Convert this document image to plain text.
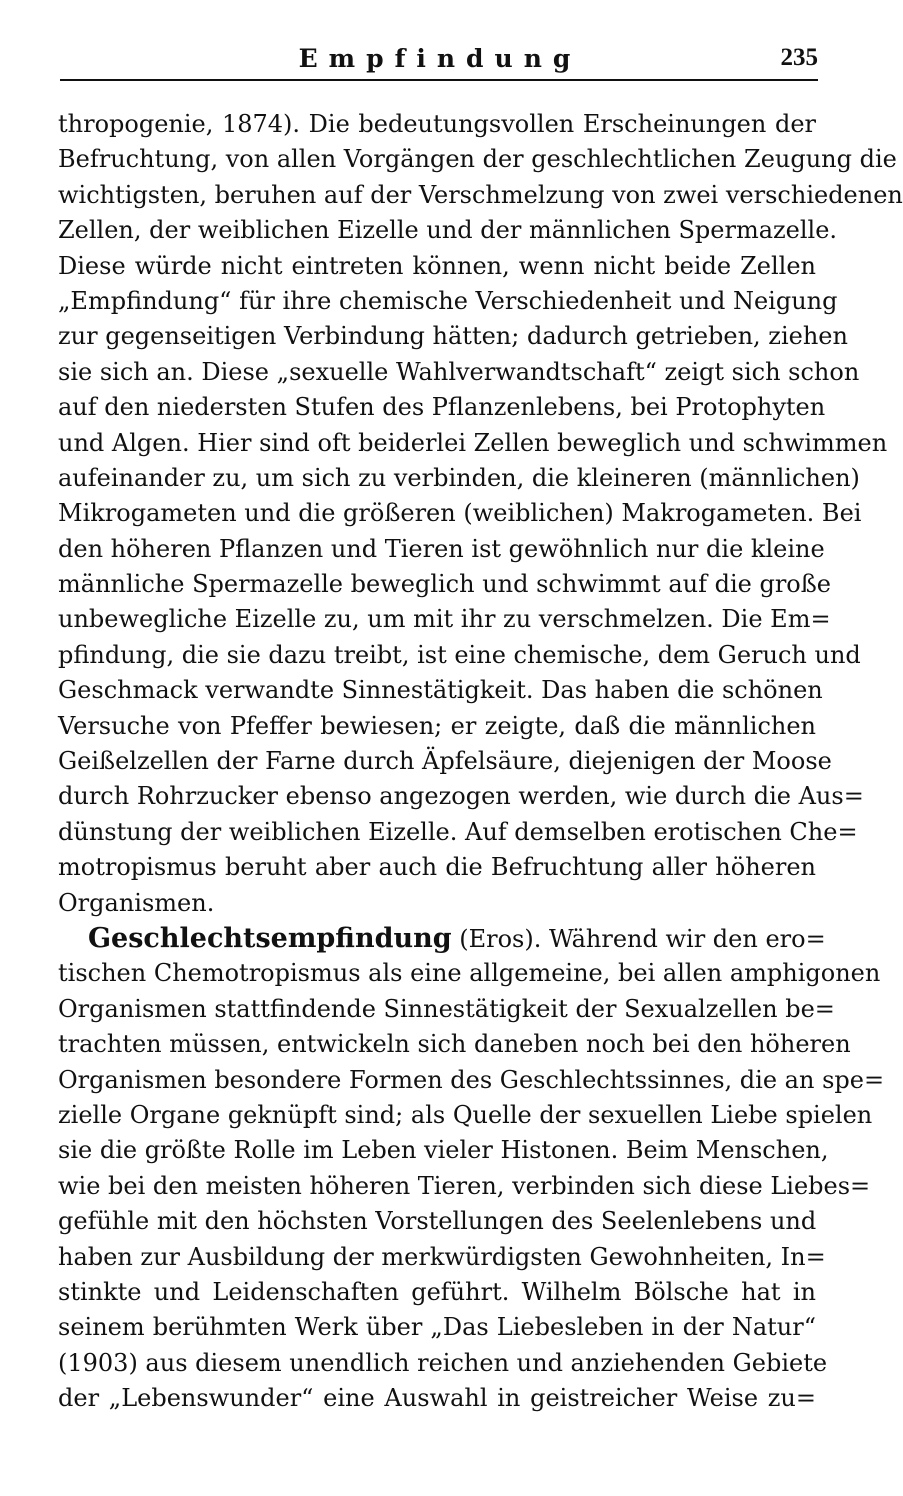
Empfindung	235
thropogenie, 1874). Die bedeutungsvollen Erscheinungen der
Befruchtung, von allen Vorgängen der geschlechtlichen Zeugung die
wichtigsten, beruhen auf der Verschmelzung von zwei verschiedenen
Zellen, der weiblichen Eizelle und der männlichen Spermazelle.
Diese würde nicht eintreten können, wenn nicht beide Zellen
„Empfindung“ für ihre chemische Verschiedenheit und Neigung
zur gegenseitigen Verbindung hätten; dadurch getrieben, ziehen
sie sich an. Diese „sexuelle Wahlverwandtschaft“ zeigt sich schon
auf den niedersten Stufen des Pflanzenlebens, bei Protophyten
und Algen. Hier sind oft beiderlei Zellen beweglich und schwimmen
aufeinander zu, um sich zu verbinden, die kleineren (männlichen)
Mikrogameten und die größeren (weiblichen) Makrogameten. Bei
den höheren Pflanzen und Tieren ist gewöhnlich nur die kleine
männliche Spermazelle beweglich und schwimmt auf die große
unbewegliche Eizelle zu, um mit ihr zu verschmelzen. Die Em=
pfindung, die sie dazu treibt, ist eine chemische, dem Geruch und
Geschmack verwandte Sinnestätigkeit. Das haben die schönen
Versuche von Pfeffer bewiesen; er zeigte, daß die männlichen
Geißelzellen der Farne durch Äpfelsäure, diejenigen der Moose
durch Rohrzucker ebenso angezogen werden, wie durch die Aus=
dünstung der weiblichen Eizelle. Auf demselben erotischen Che=
motropismus beruht aber auch die Befruchtung aller höheren
Organismen.
Geschlechtsempfindung (Eros). Während wir den ero=
tischen Chemotropismus als eine allgemeine, bei allen amphigonen
Organismen stattfindende Sinnestätigkeit der Sexualzellen be=
trachten müssen, entwickeln sich daneben noch bei den höheren
Organismen besondere Formen des Geschlechtssinnes, die an spe=
zielle Organe geknüpft sind; als Quelle der sexuellen Liebe spielen
sie die größte Rolle im Leben vieler Histonen. Beim Menschen,
wie bei den meisten höheren Tieren, verbinden sich diese Liebes=
gefühle mit den höchsten Vorstellungen des Seelenlebens und
haben zur Ausbildung der merkwürdigsten Gewohnheiten, In=
stinkte und Leidenschaften geführt. Wilhelm Bölsche hat in
seinem berühmten Werk über „Das Liebesleben in der Natur“
(1903) aus diesem unendlich reichen und anziehenden Gebiete
der „Lebenswunder“ eine Auswahl in geistreicher Weise zu=
